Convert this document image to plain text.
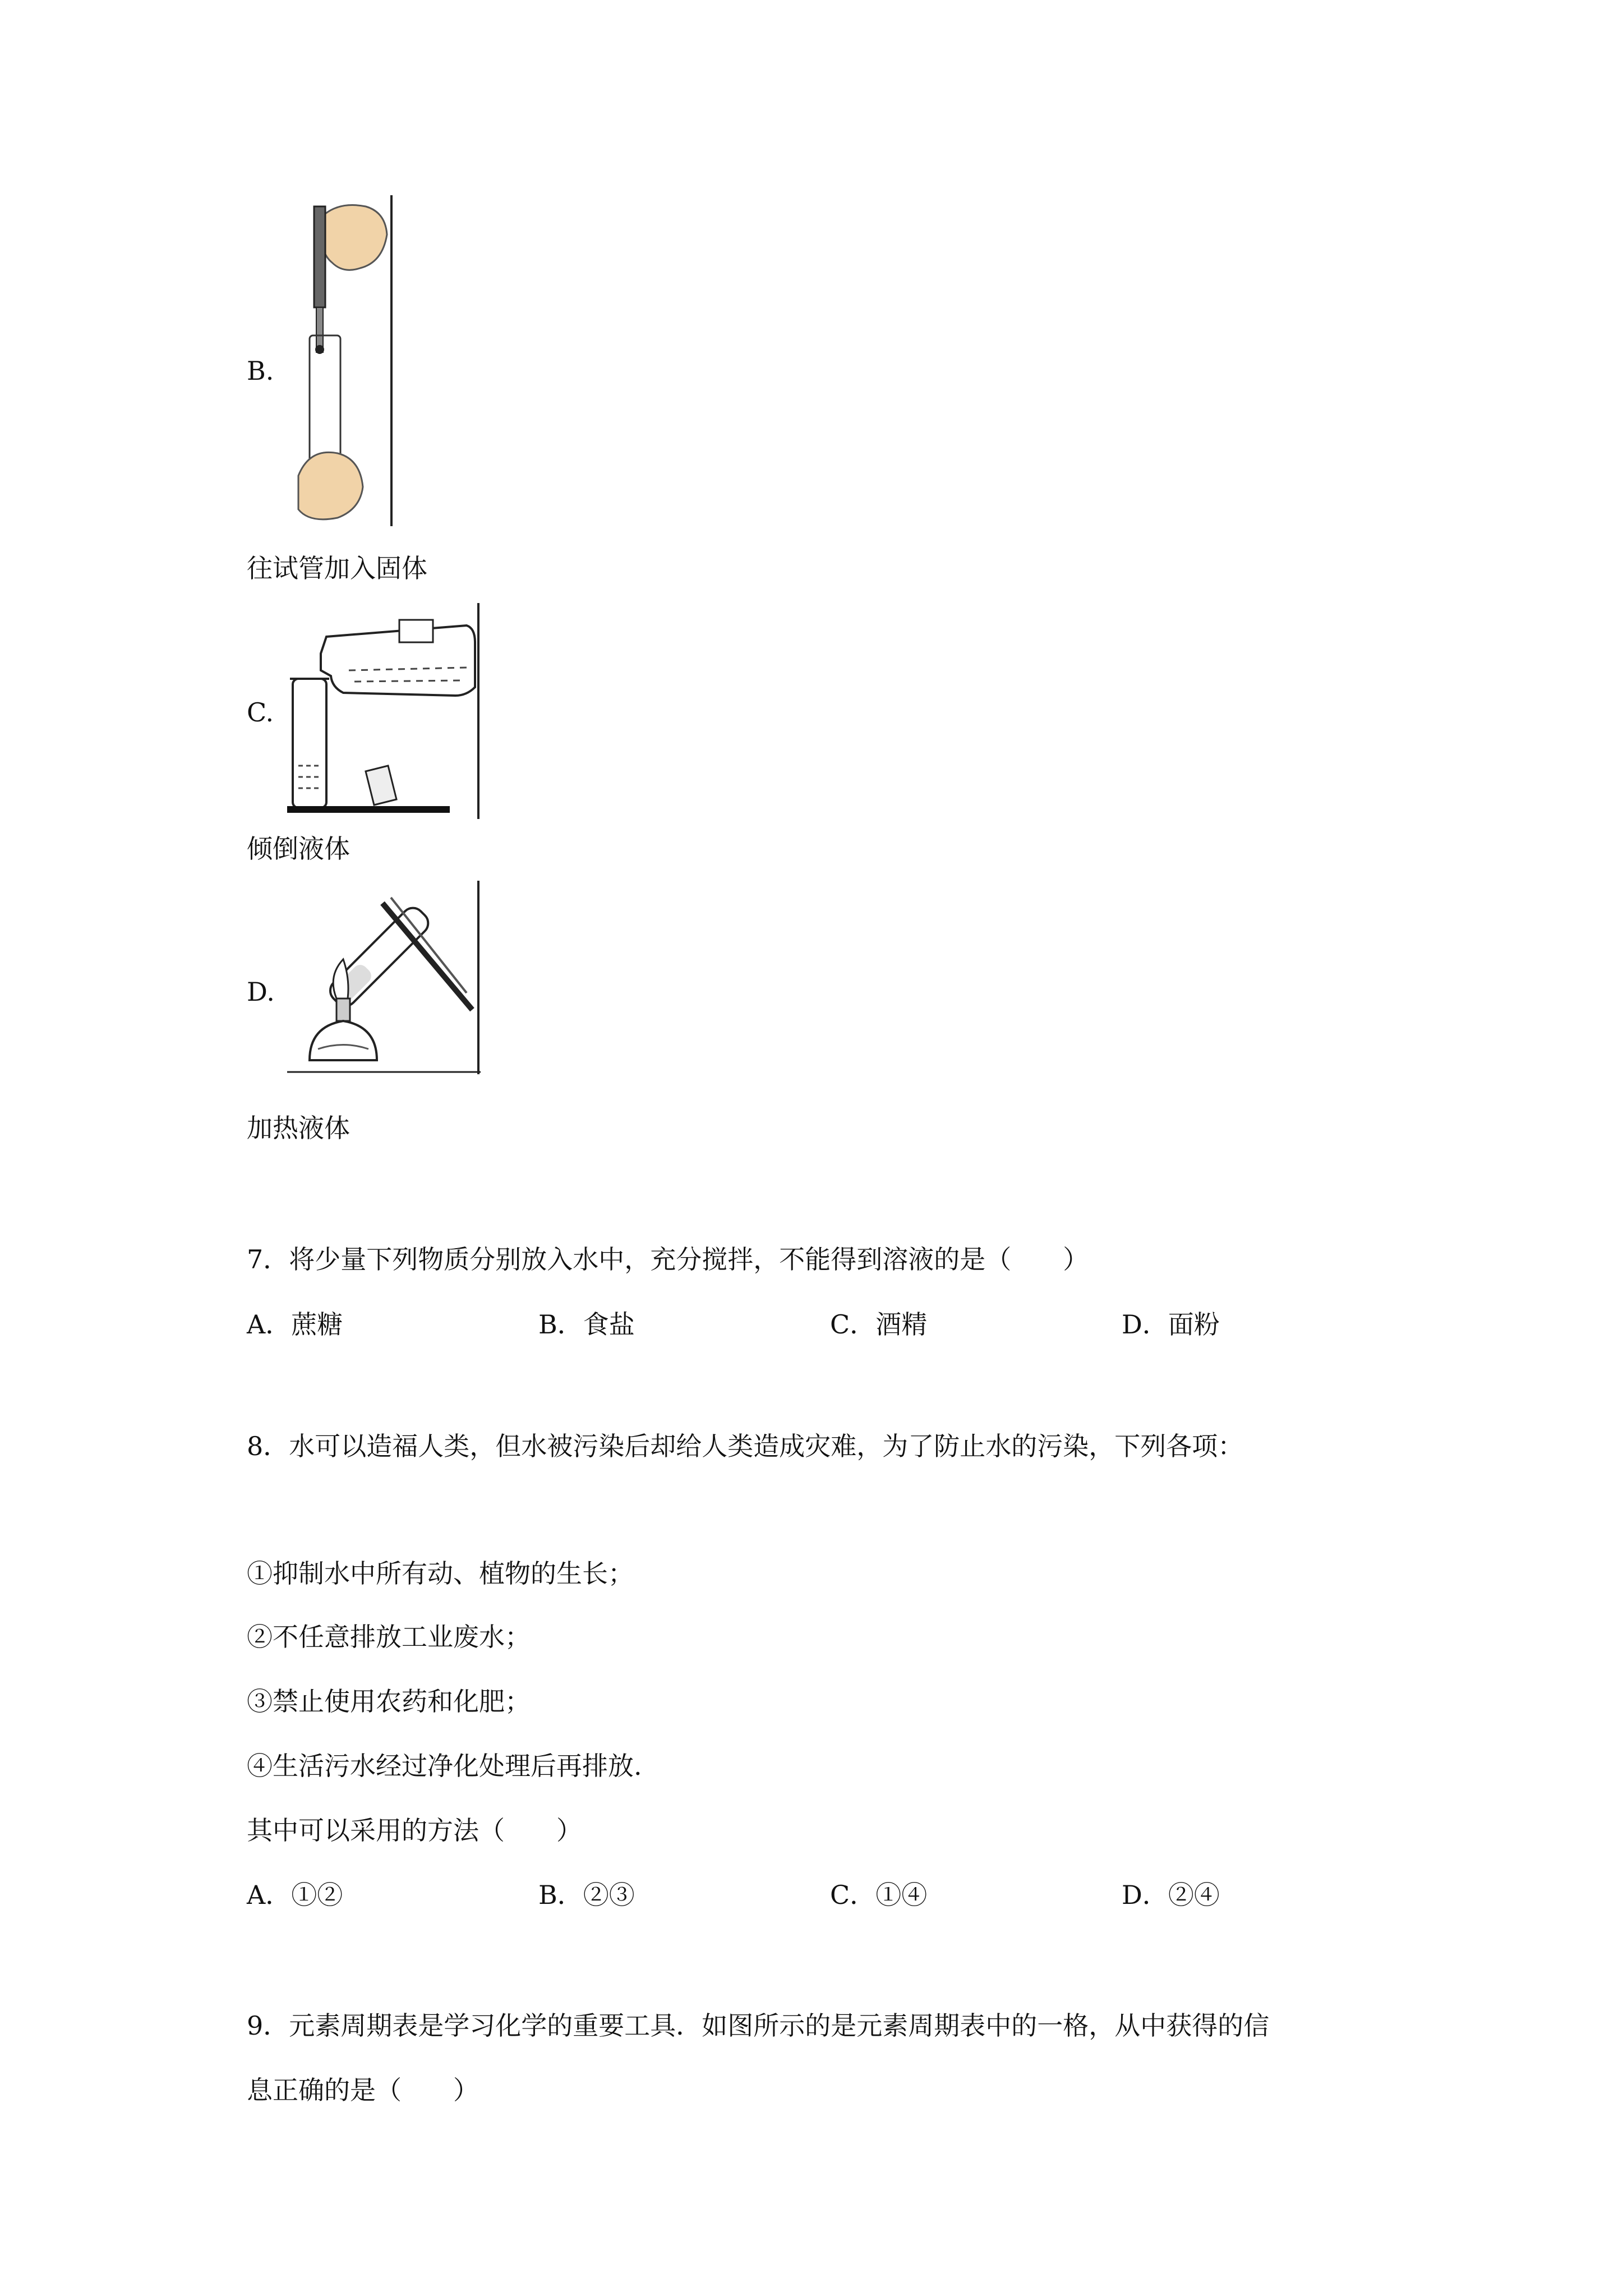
B.
往试管加入固体
C.
倾倒液体
D.
加热液体
7．将少量下列物质分别放入水中，充分搅拌，不能得到溶液的是（　　）
A．蔗糖	B．食盐	C．酒精	D．面粉
8．水可以造福人类，但水被污染后却给人类造成灾难，为了防止水的污染，下列各项：
①抑制水中所有动、植物的生长；
②不任意排放工业废水；
③禁止使用农药和化肥；
④生活污水经过净化处理后再排放.
其中可以采用的方法（　　）
A．①②	B．②③	C．①④	D．②④
9．元素周期表是学习化学的重要工具．如图所示的是元素周期表中的一格，从中获得的信
息正确的是（　　）
